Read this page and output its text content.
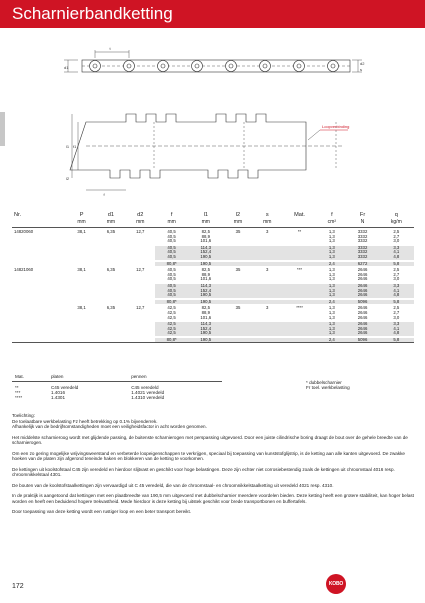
Scharnierbandketting
t
d1
d2
s
Loopverbinding
f
f1
l1
l2
Nr.	P	d1	d2	f	l1	l2	s	Mat.	f	Fr	q
	mm	mm	mm	mm	mm	mm	mm		cm²	N	kg/m
14820060	38,1	6,35	12,7	40,5	82,5	35	3	**	1,3	3332	2,5
				40,5	88,9				1,3	3332	2,7
				40,5	101,6				1,3	3332	3,0

				40,5	114,3				1,3	3332	3,3
				40,5	152,4				1,3	3332	4,1
				40,5	190,5				1,3	3332	4,8

				80,8*	190,5				2,4	6272	5,8
14821060	38,1	6,35	12,7	40,5	82,5	35	3	***	1,3	2646	2,5
				40,5	88,9				1,3	2646	2,7
				40,5	101,6				1,3	2646	3,0

				40,5	114,3				1,3	2646	3,3
				40,5	152,4				1,3	2646	4,1
				40,5	190,5				1,3	2646	4,8

				80,8*	190,5				2,4	5096	5,8
	38,1	6,35	12,7	42,5	82,5	35	3	****	1,3	2646	2,5
				42,5	88,9				1,3	2646	2,7
				42,5	101,6				1,3	2646	3,0

				42,5	114,3				1,3	2646	3,3
				42,5	152,4				1,3	2646	4,1
				42,5	190,5				1,3	2646	4,8

				80,8*	190,5				2,4	5096	5,8
Mat.	platen	pennen

**	C45 veredeld	C45 veredeld
***	1.4016	1.4021 veredeld
****	1.4301	1.4310 veredeld
* dubbelscharnier
Fr toel. werkbelasting

Toelichting:
De toelaatbare werkbelasting Fz heeft betrekking op 0.1% bijvenderrek.
Afhankelijk van de bedrijfsomstandigheden moet een veiligheidsfactor in acht worden genomen.

Het middelste scharnieroog wordt met glijdende passing, de buitenste scharnierogen met perspassing uitgevoerd. Door een juiste cilindrische boring draagt de bout over de gehele breedte van de scharnierogen.

Om een zo gering mogelijke wrijvingsweerstand en verbeterde loopeigenschappen te verkrijgen, speciaal bij toepassing van kunststofglijstrip, is de ketting aan alle kanten uitgevoerd. De zwakke hoeken van de platen zijn afgerond teneinde haken en blokkeren van de ketting te voorkomen.

De kettingen uit koolstofstaal C45 zijn veredeld en hierdoor slijtvast en geschikt voor hoge belastingen. Deze zijn echter niet corrosiebestendig zoals de kettingen uit chroomstaal 4016 resp. chroomnikkelstaal 4301.

De bouten van de koolstofstaalkettingen zijn vervaardigd uit C 45 veredeld, die van de chroomstaal- en chroomnikkelstaalketting uit veredeld 4021 resp. 4310.

In de praktijk is aangetoond dat kettingen met een plaatbreedte van 190,5 mm uitgevoerd met dubbelscharnier meerdere voordelen bieden. Deze ketting heeft een grotere stabiliteit, kan hoger belast worden en heeft een beduidend hogere trekvastheid. Mede hierdoor is deze ketting bij uitstek geschikt voor brede transportbonen en buffertafels.

Door toepassing van deze ketting wordt een rustiger loop en een beter transport bereikt.

172	KOBO
